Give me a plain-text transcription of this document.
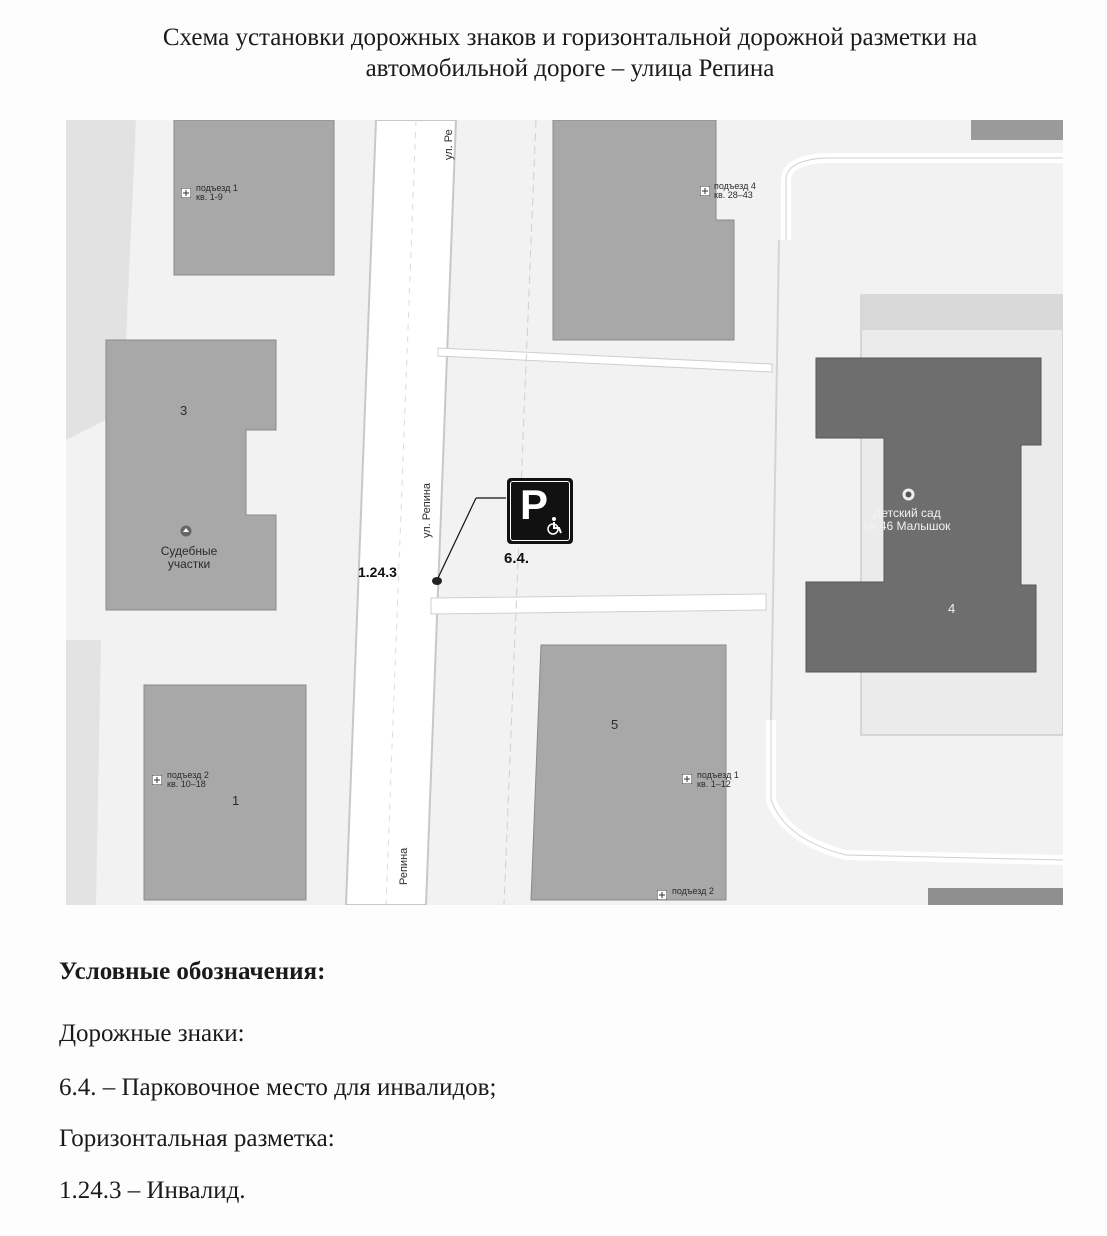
Схема установки дорожных знаков и горизонтальной дорожной разметки на
автомобильной дороге – улица Репина
ул. Ре
ул. Репина
Репина
подъезд 1
кв. 1-9
3
Судебные участки
подъезд 2
кв. 10–18
1
подъезд 4
кв. 28–43
Детский сад
№ 46 Малышок
4
5
подъезд 1
кв. 1–12
подъезд 2
P
6.4.
1.24.3
Условные обозначения:
Дорожные знаки:
6.4. – Парковочное место для инвалидов;
Горизонтальная разметка:
1.24.3 – Инвалид.
